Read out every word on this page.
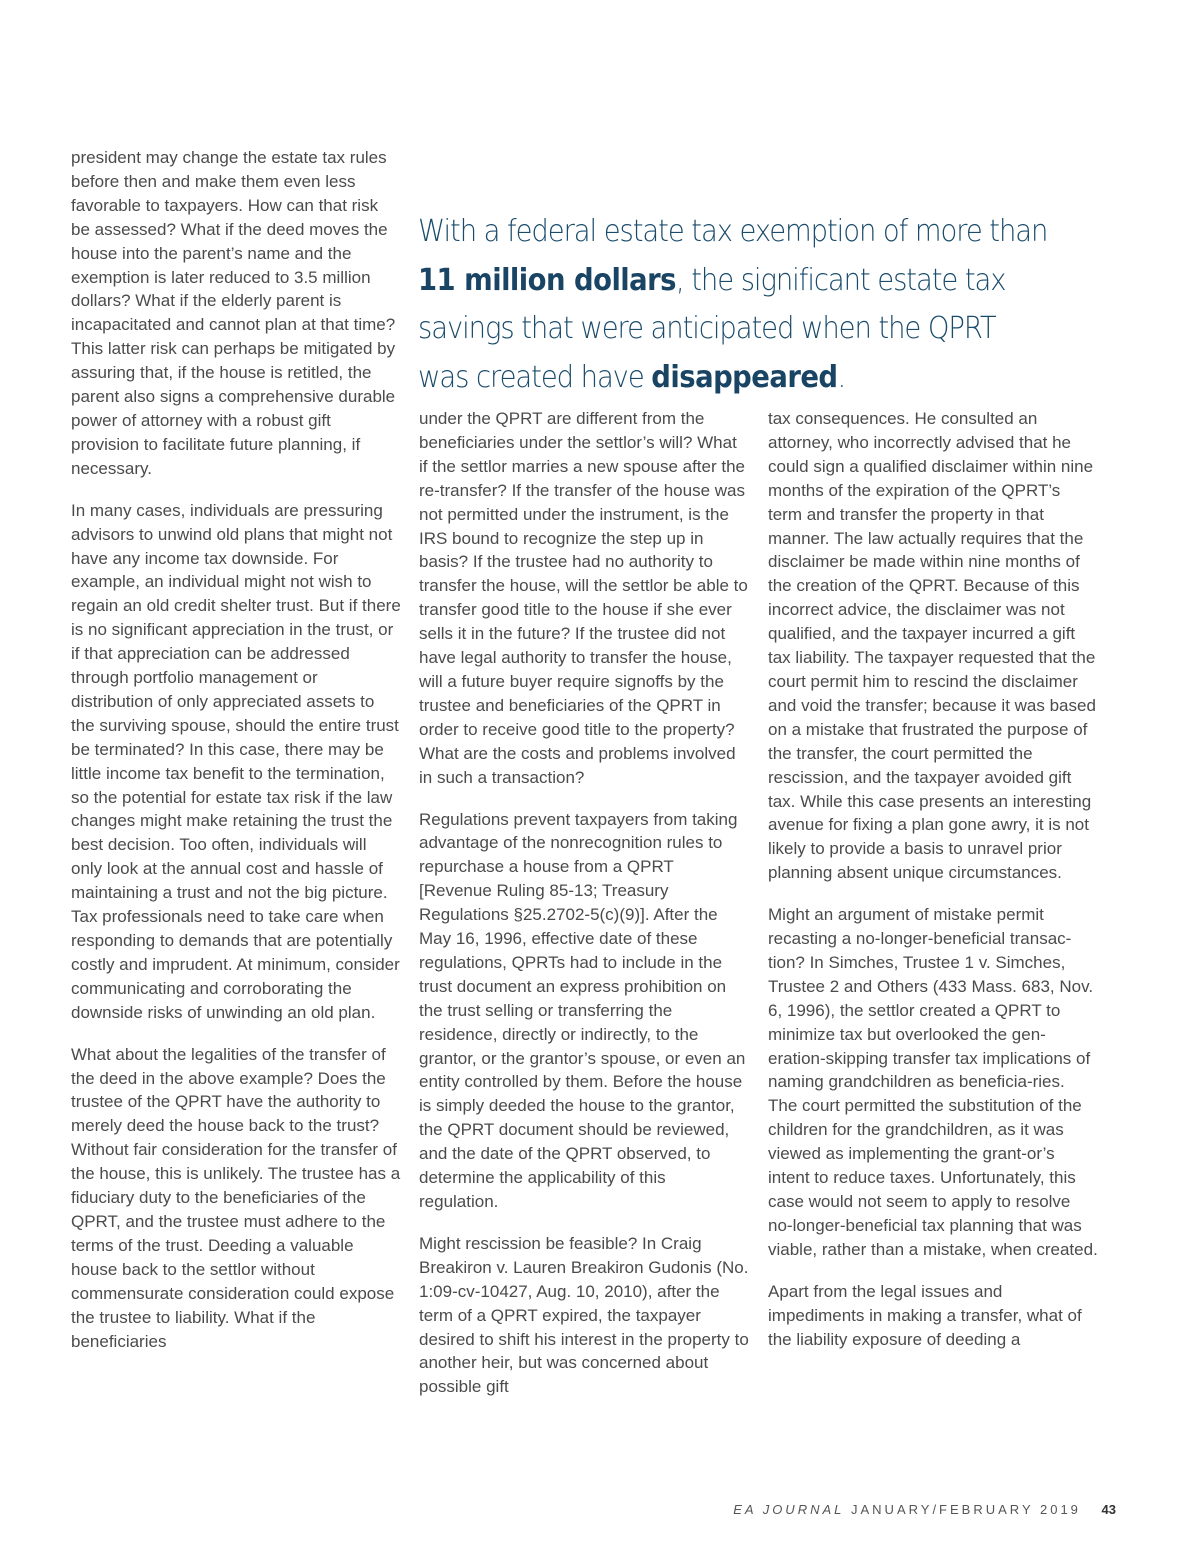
With a federal estate tax exemption of more than 11 million dollars, the significant estate tax savings that were anticipated when the QPRT was created have disappeared.

president may change the estate tax rules before then and make them even less favorable to taxpayers. How can that risk be assessed? What if the deed moves the house into the parent’s name and the exemption is later reduced to 3.5 million dollars? What if the elderly parent is incapacitated and cannot plan at that time? This latter risk can perhaps be mitigated by assuring that, if the house is retitled, the parent also signs a comprehensive durable power of attorney with a robust gift provision to facilitate future planning, if necessary.

In many cases, individuals are pressuring advisors to unwind old plans that might not have any income tax downside. For example, an individual might not wish to regain an old credit shelter trust. But if there is no significant appreciation in the trust, or if that appreciation can be addressed through portfolio management or distribution of only appreciated assets to the surviving spouse, should the entire trust be terminated? In this case, there may be little income tax benefit to the termination, so the potential for estate tax risk if the law changes might make retaining the trust the best decision. Too often, individuals will only look at the annual cost and hassle of maintaining a trust and not the big picture. Tax professionals need to take care when responding to demands that are potentially costly and imprudent. At minimum, consider communicating and corroborating the downside risks of unwinding an old plan.

What about the legalities of the transfer of the deed in the above example? Does the trustee of the QPRT have the authority to merely deed the house back to the trust? Without fair consideration for the transfer of the house, this is unlikely. The trustee has a fiduciary duty to the beneficiaries of the QPRT, and the trustee must adhere to the terms of the trust. Deeding a valuable house back to the settlor without commensurate consideration could expose the trustee to liability. What if the beneficiaries

under the QPRT are different from the beneficiaries under the settlor’s will? What if the settlor marries a new spouse after the re-transfer? If the transfer of the house was not permitted under the instrument, is the IRS bound to recognize the step up in basis? If the trustee had no authority to transfer the house, will the settlor be able to transfer good title to the house if she ever sells it in the future? If the trustee did not have legal authority to transfer the house, will a future buyer require signoffs by the trustee and beneficiaries of the QPRT in order to receive good title to the property? What are the costs and problems involved in such a transaction?

Regulations prevent taxpayers from taking advantage of the nonrecognition rules to repurchase a house from a QPRT [Revenue Ruling 85-13; Treasury Regulations §25.2702-5(c)(9)]. After the May 16, 1996, effective date of these regulations, QPRTs had to include in the trust document an express prohibition on the trust selling or transferring the residence, directly or indirectly, to the grantor, or the grantor’s spouse, or even an entity controlled by them. Before the house is simply deeded the house to the grantor, the QPRT document should be reviewed, and the date of the QPRT observed, to determine the applicability of this regulation.

Might rescission be feasible? In Craig Breakiron v. Lauren Breakiron Gudonis (No. 1:09-cv-10427, Aug. 10, 2010), after the term of a QPRT expired, the taxpayer desired to shift his interest in the property to another heir, but was concerned about possible gift

tax consequences. He consulted an attorney, who incorrectly advised that he could sign a qualified disclaimer within nine months of the expiration of the QPRT’s term and transfer the property in that manner. The law actually requires that the disclaimer be made within nine months of the creation of the QPRT. Because of this incorrect advice, the disclaimer was not qualified, and the taxpayer incurred a gift tax liability. The taxpayer requested that the court permit him to rescind the disclaimer and void the transfer; because it was based on a mistake that frustrated the purpose of the transfer, the court permitted the rescission, and the taxpayer avoided gift tax. While this case presents an interesting avenue for fixing a plan gone awry, it is not likely to provide a basis to unravel prior planning absent unique circumstances.

Might an argument of mistake permit recasting a no-longer-beneficial transac-tion? In Simches, Trustee 1 v. Simches, Trustee 2 and Others (433 Mass. 683, Nov. 6, 1996), the settlor created a QPRT to minimize tax but overlooked the gen-eration-skipping transfer tax implications of naming grandchildren as beneficia-ries. The court permitted the substitution of the children for the grandchildren, as it was viewed as implementing the grant-or’s intent to reduce taxes. Unfortunately, this case would not seem to apply to resolve no-longer-beneficial tax planning that was viable, rather than a mistake, when created.

Apart from the legal issues and impediments in making a transfer, what of the liability exposure of deeding a

EA JOURNAL JANUARY/FEBRUARY 2019 43
